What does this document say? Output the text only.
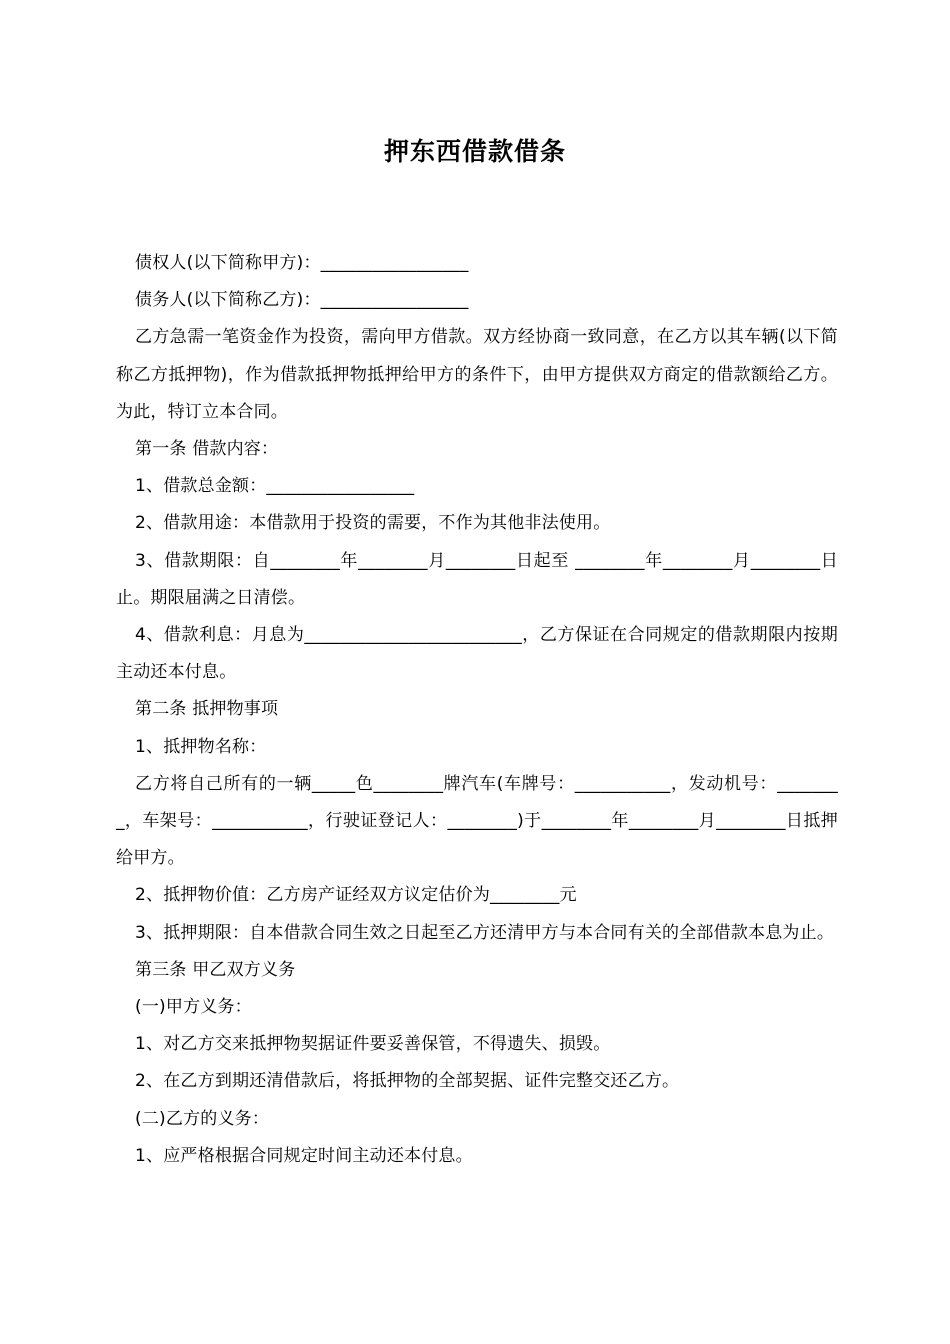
押东西借款借条

债权人(以下简称甲方)：_________________

债务人(以下简称乙方)：_________________

乙方急需一笔资金作为投资，需向甲方借款。双方经协商一致同意，在乙方以其车辆(以下简称乙方抵押物)，作为借款抵押物抵押给甲方的条件下，由甲方提供双方商定的借款额给乙方。为此，特订立本合同。

第一条 借款内容：

1、借款总金额：_________________

2、借款用途：本借款用于投资的需要，不作为其他非法使用。

3、借款期限：自________年________月________日起至 ________年________月________日止。期限届满之日清偿。

4、借款利息：月息为_________________________，乙方保证在合同规定的借款期限内按期主动还本付息。

第二条 抵押物事项

1、抵押物名称：

乙方将自己所有的一辆_____色________牌汽车(车牌号：___________，发动机号：________，车架号：___________，行驶证登记人：________)于________年________月________日抵押给甲方。

2、抵押物价值：乙方房产证经双方议定估价为________元

3、抵押期限：自本借款合同生效之日起至乙方还清甲方与本合同有关的全部借款本息为止。

第三条 甲乙双方义务

(一)甲方义务：

1、对乙方交来抵押物契据证件要妥善保管，不得遗失、损毁。

2、在乙方到期还清借款后，将抵押物的全部契据、证件完整交还乙方。

(二)乙方的义务：

1、应严格根据合同规定时间主动还本付息。
